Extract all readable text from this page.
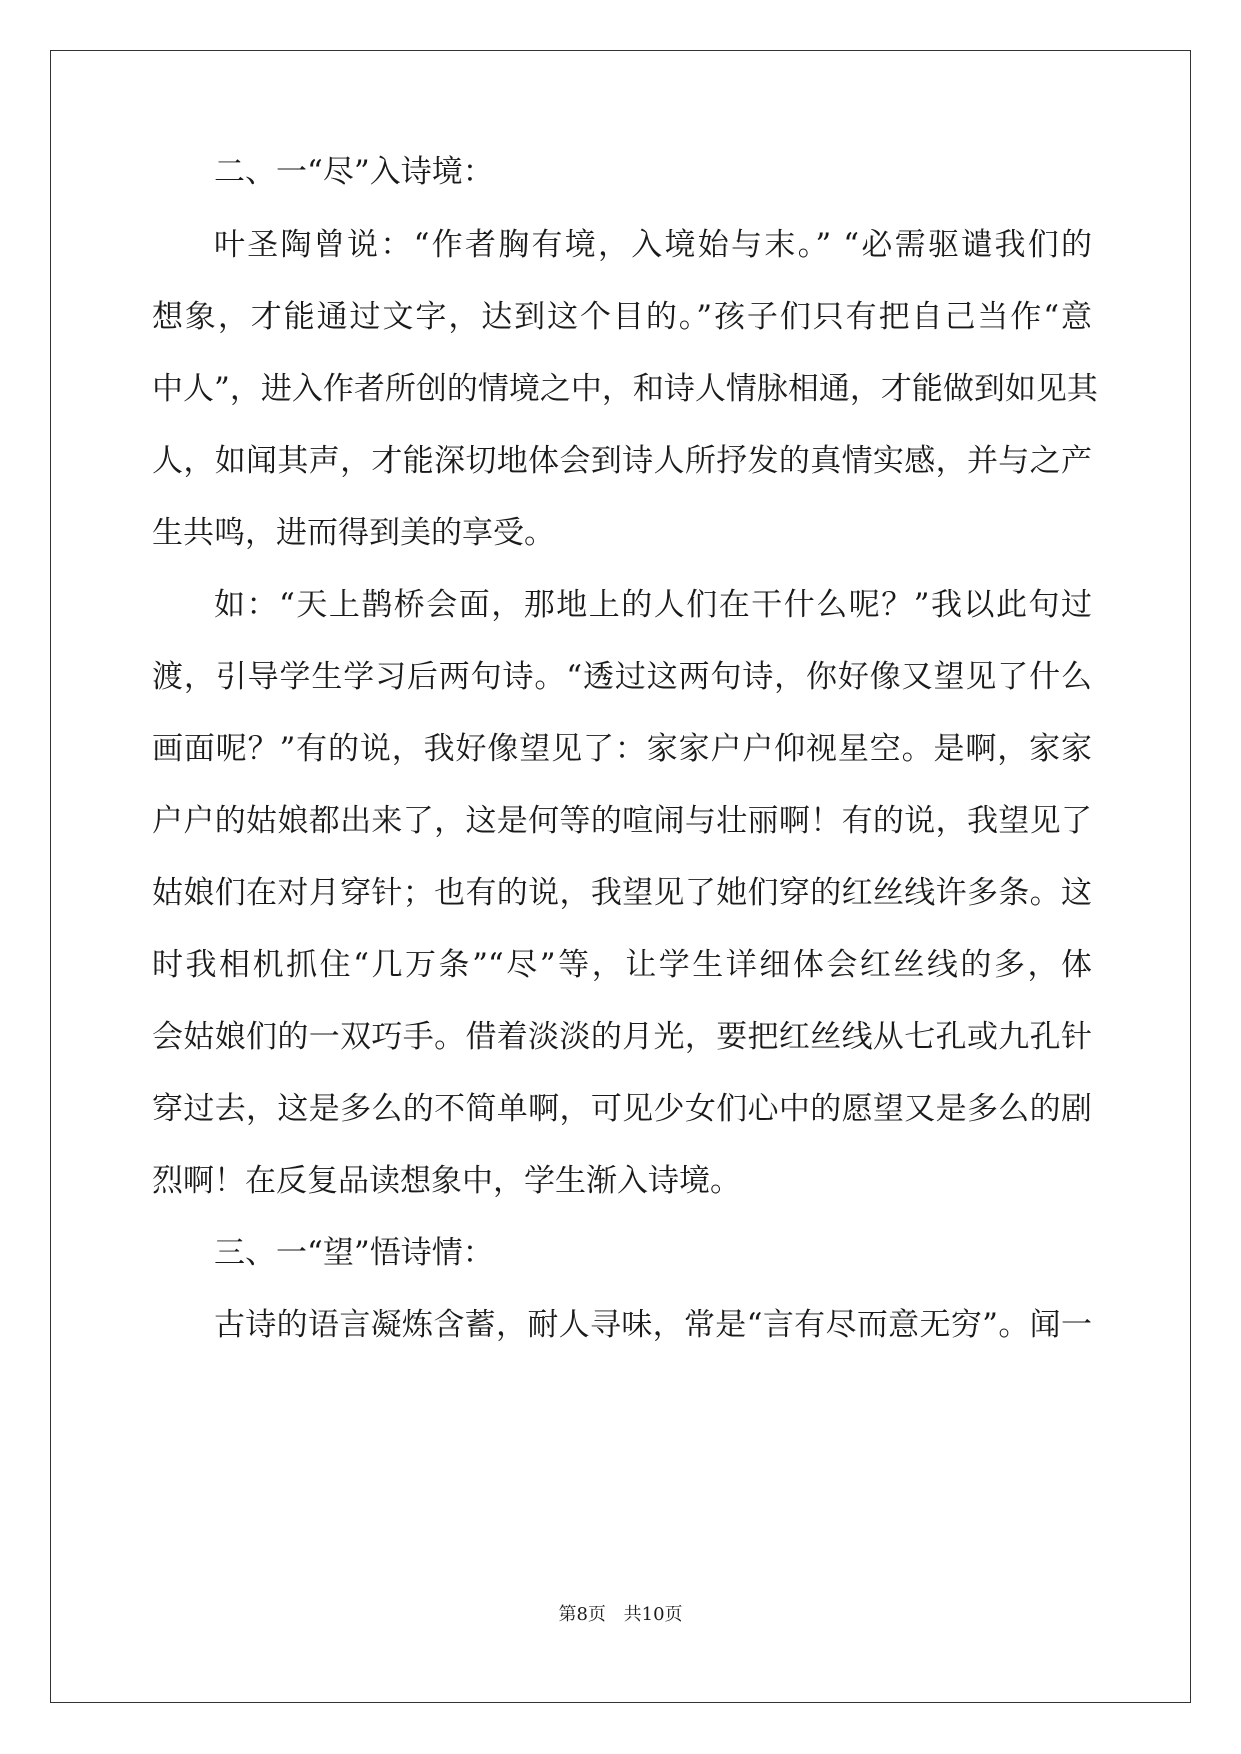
二、一“尽”入诗境：

叶圣陶曾说：“作者胸有境，入境始与末。” “必需驱谴我们的

想象，才能通过文字，达到这个目的。”孩子们只有把自己当作“意

中人”，进入作者所创的情境之中，和诗人情脉相通，才能做到如见其

人，如闻其声，才能深切地体会到诗人所抒发的真情实感，并与之产

生共鸣，进而得到美的享受。

如：“天上鹊桥会面，那地上的人们在干什么呢？”我以此句过

渡，引导学生学习后两句诗。“透过这两句诗，你好像又望见了什么

画面呢？”有的说，我好像望见了：家家户户仰视星空。是啊，家家

户户的姑娘都出来了，这是何等的喧闹与壮丽啊！有的说，我望见了

姑娘们在对月穿针；也有的说，我望见了她们穿的红丝线许多条。这

时我相机抓住“几万条”“尽”等，让学生详细体会红丝线的多，体

会姑娘们的一双巧手。借着淡淡的月光，要把红丝线从七孔或九孔针

穿过去，这是多么的不简单啊，可见少女们心中的愿望又是多么的剧

烈啊！在反复品读想象中，学生渐入诗境。

三、一“望”悟诗情：

古诗的语言凝炼含蓄，耐人寻味，常是“言有尽而意无穷”。闻一

第8页 共10页
